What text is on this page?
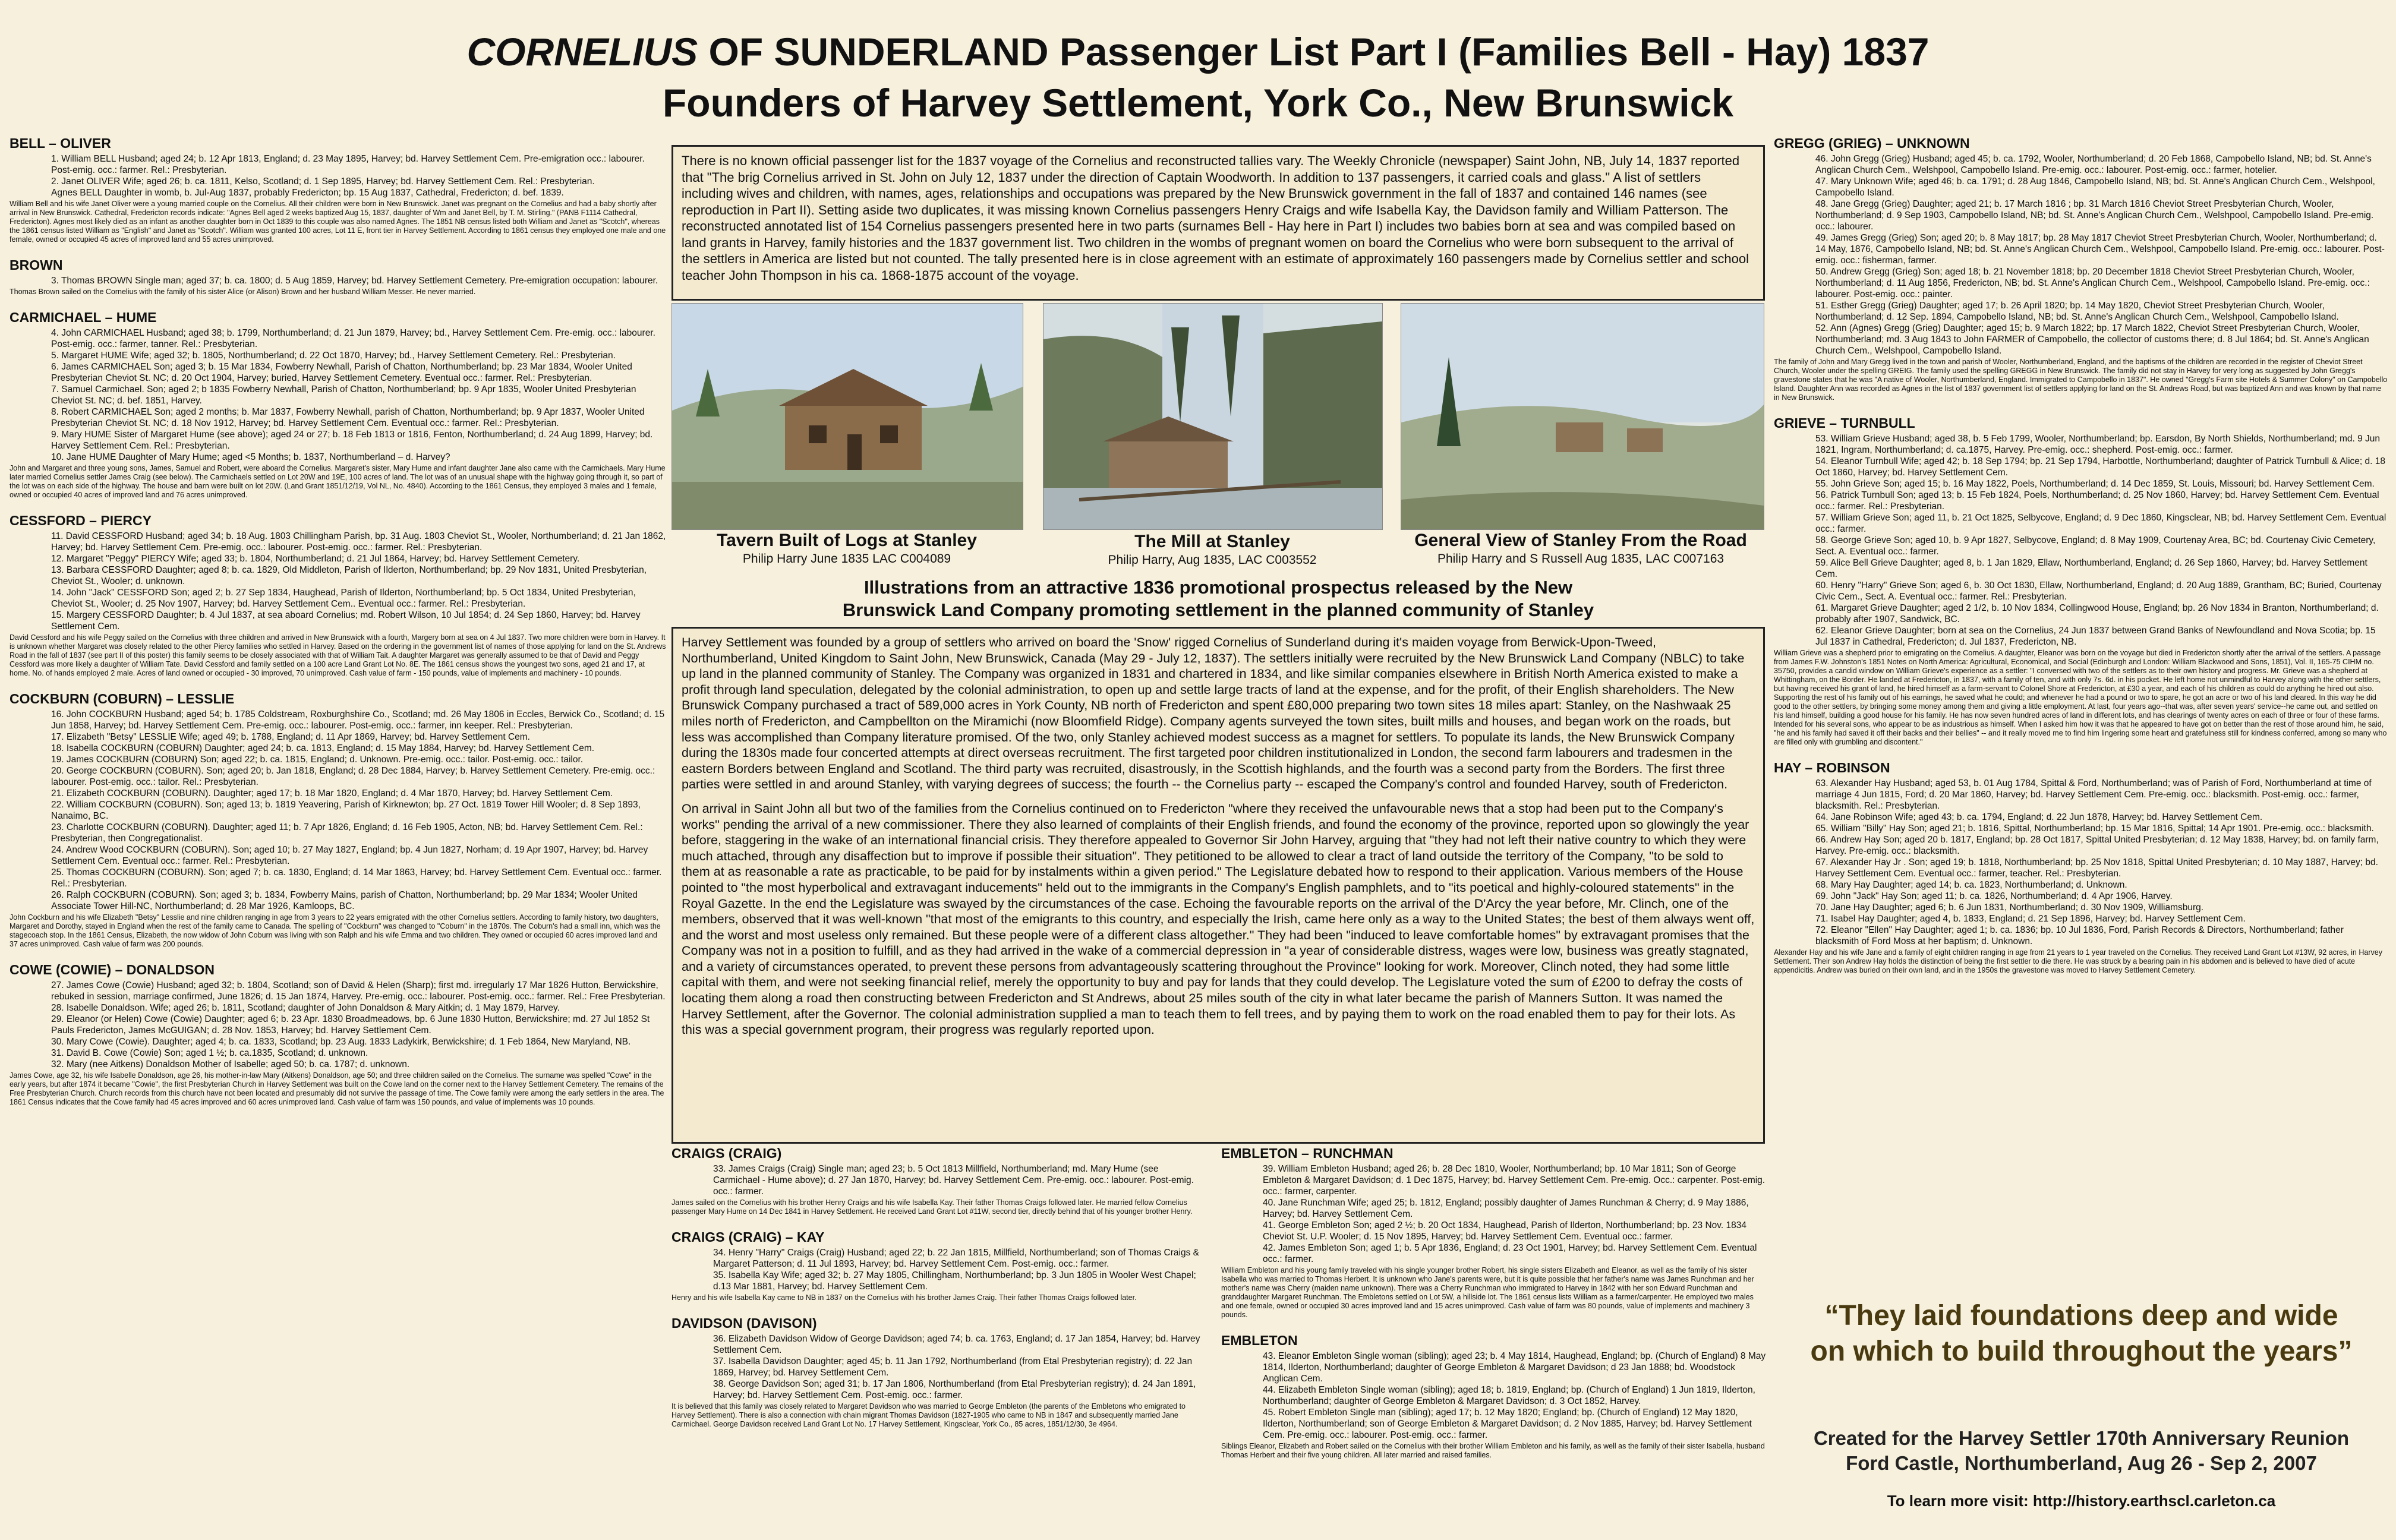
CORNELIUS OF SUNDERLAND Passenger List Part I (Families Bell - Hay) 1837
Founders of Harvey Settlement, York Co., New Brunswick
BELL – OLIVER
1. William BELL Husband; aged 24; b. 12 Apr 1813, England; d. 23 May 1895, Harvey; bd. Harvey Settlement Cem. Pre-emigration occ.: labourer. Post-emig. occ.: farmer. Rel.: Presbyterian.
2. Janet OLIVER Wife; aged 26; b. ca. 1811, Kelso, Scotland; d. 1 Sep 1895, Harvey; bd. Harvey Settlement Cem. Rel.: Presbyterian.
Agnes BELL Daughter in womb, b. Jul-Aug 1837, probably Fredericton; bp. 15 Aug 1837, Cathedral, Fredericton; d. bef. 1839.
William Bell and his wife Janet Oliver were a young married couple on the Cornelius. All their children were born in New Brunswick. Janet was pregnant on the Cornelius and had a baby shortly after arrival in New Brunswick. Cathedral, Fredericton records indicate: "Agnes Bell aged 2 weeks baptized Aug 15, 1837, daughter of Wm and Janet Bell, by T. M. Stirling." (PANB F1114 Cathedral, Fredericton). Agnes most likely died as an infant as another daughter born in Oct 1839 to this couple was also named Agnes. The 1851 NB census listed both William and Janet as "Scotch", whereas the 1861 census listed William as "English" and Janet as "Scotch". William was granted 100 acres, Lot 11 E, front tier in Harvey Settlement. According to 1861 census they employed one male and one female, owned or occupied 45 acres of improved land and 55 acres unimproved.
BROWN
3. Thomas BROWN Single man; aged 37; b. ca. 1800; d. 5 Aug 1859, Harvey; bd. Harvey Settlement Cemetery. Pre-emigration occupation: labourer.
Thomas Brown sailed on the Cornelius with the family of his sister Alice (or Alison) Brown and her husband William Messer. He never married.
CARMICHAEL – HUME
4. John CARMICHAEL Husband; aged 38; b. 1799, Northumberland; d. 21 Jun 1879, Harvey; bd., Harvey Settlement Cem. Pre-emig. occ.: labourer. Post-emig. occ.: farmer, tanner. Rel.: Presbyterian.
5. Margaret HUME Wife; aged 32; b. 1805, Northumberland; d. 22 Oct 1870, Harvey; bd., Harvey Settlement Cemetery. Rel.: Presbyterian.
6. James CARMICHAEL Son; aged 3; b. 15 Mar 1834, Fowberry Newhall, Parish of Chatton, Northumberland; bp. 23 Mar 1834, Wooler United Presbyterian Cheviot St. NC; d. 20 Oct 1904, Harvey; buried, Harvey Settlement Cemetery. Eventual occ.: farmer. Rel.: Presbyterian.
7. Samuel Carmichael. Son; aged 2; b 1835 Fowberry Newhall, Parish of Chatton, Northumberland; bp. 9 Apr 1835, Wooler United Presbyterian Cheviot St. NC; d. bef. 1851, Harvey.
8. Robert CARMICHAEL Son; aged 2 months; b. Mar 1837, Fowberry Newhall, parish of Chatton, Northumberland; bp. 9 Apr 1837, Wooler United Presbyterian Cheviot St. NC; d. 18 Nov 1912, Harvey; bd. Harvey Settlement Cem. Eventual occ.: farmer. Rel.: Presbyterian.
9. Mary HUME Sister of Margaret Hume (see above); aged 24 or 27; b. 18 Feb 1813 or 1816, Fenton, Northumberland; d. 24 Aug 1899, Harvey; bd. Harvey Settlement Cem. Rel.: Presbyterian.
10. Jane HUME Daughter of Mary Hume; aged <5 Months; b. 1837, Northumberland – d. Harvey?
John and Margaret and three young sons, James, Samuel and Robert, were aboard the Cornelius. Margaret's sister, Mary Hume and infant daughter Jane also came with the Carmichaels. Mary Hume later married Cornelius settler James Craig (see below). The Carmichaels settled on Lot 20W and 19E, 100 acres of land. The lot was of an unusual shape with the highway going through it, so part of the lot was on each side of the highway. The house and barn were built on lot 20W. (Land Grant 1851/12/19, Vol NL, No. 4840). According to the 1861 Census, they employed 3 males and 1 female, owned or occupied 40 acres of improved land and 76 acres unimproved.
CESSFORD – PIERCY
11. David CESSFORD Husband; aged 34; b. 18 Aug. 1803 Chillingham Parish, bp. 31 Aug. 1803 Cheviot St., Wooler, Northumberland; d. 21 Jan 1862, Harvey; bd. Harvey Settlement Cem. Pre-emig. occ.: labourer. Post-emig. occ.: farmer. Rel.: Presbyterian.
12. Margaret "Peggy" PIERCY Wife; aged 33; b. 1804, Northumberland; d. 21 Jul 1864, Harvey; bd. Harvey Settlement Cemetery.
13. Barbara CESSFORD Daughter; aged 8; b. ca. 1829, Old Middleton, Parish of Ilderton, Northumberland; bp. 29 Nov 1831, United Presbyterian, Cheviot St., Wooler; d. unknown.
14. John "Jack" CESSFORD Son; aged 2; b. 27 Sep 1834, Haughead, Parish of Ilderton, Northumberland; bp. 5 Oct 1834, United Presbyterian, Cheviot St., Wooler; d. 25 Nov 1907, Harvey; bd. Harvey Settlement Cem.. Eventual occ.: farmer. Rel.: Presbyterian.
15. Margery CESSFORD Daughter; b. 4 Jul 1837, at sea aboard Cornelius; md. Robert Wilson, 10 Jul 1854; d. 24 Sep 1860, Harvey; bd. Harvey Settlement Cem.
David Cessford and his wife Peggy sailed on the Cornelius with three children and arrived in New Brunswick with a fourth, Margery born at sea on 4 Jul 1837. Two more children were born in Harvey. It is unknown whether Margaret was closely related to the other Piercy families who settled in Harvey. Based on the ordering in the government list of names of those applying for land on the St. Andrews Road in the fall of 1837 (see part II of this poster) this family seems to be closely associated with that of William Tait. A daughter Margaret was generally assumed to be that of David and Peggy Cessford was more likely a daughter of William Tate. David Cessford and family settled on a 100 acre Land Grant Lot No. 8E. The 1861 census shows the youngest two sons, aged 21 and 17, at home. No. of hands employed 2 male. Acres of land owned or occupied - 30 improved, 70 unimproved. Cash value of farm - 150 pounds, value of implements and machinery - 10 pounds.
COCKBURN (COBURN) – LESSLIE
16. John COCKBURN Husband; aged 54; b. 1785 Coldstream, Roxburghshire Co., Scotland; md. 26 May 1806 in Eccles, Berwick Co., Scotland; d. 15 Jun 1858, Harvey; bd. Harvey Settlement Cem. Pre-emig. occ.: labourer. Post-emig. occ.: farmer, inn keeper. Rel.: Presbyterian.
17. Elizabeth "Betsy" LESSLIE Wife; aged 49; b. 1788, England; d. 11 Apr 1869, Harvey; bd. Harvey Settlement Cem.
18. Isabella COCKBURN (COBURN) Daughter; aged 24; b. ca. 1813, England; d. 15 May 1884, Harvey; bd. Harvey Settlement Cem.
19. James COCKBURN (COBURN) Son; aged 22; b. ca. 1815, England; d. Unknown. Pre-emig. occ.: tailor. Post-emig. occ.: tailor.
20. George COCKBURN (COBURN). Son; aged 20; b. Jan 1818, England; d. 28 Dec 1884, Harvey; b. Harvey Settlement Cemetery. Pre-emig. occ.: labourer. Post-emig. occ.: tailor. Rel.: Presbyterian.
21. Elizabeth COCKBURN (COBURN). Daughter; aged 17; b. 18 Mar 1820, England; d. 4 Mar 1870, Harvey; bd. Harvey Settlement Cem.
22. William COCKBURN (COBURN). Son; aged 13; b. 1819 Yeavering, Parish of Kirknewton; bp. 27 Oct. 1819 Tower Hill Wooler; d. 8 Sep 1893, Nanaimo, BC.
23. Charlotte COCKBURN (COBURN). Daughter; aged 11; b. 7 Apr 1826, England; d. 16 Feb 1905, Acton, NB; bd. Harvey Settlement Cem. Rel.: Presbyterian, then Congregationalist.
24. Andrew Wood COCKBURN (COBURN). Son; aged 10; b. 27 May 1827, England; bp. 4 Jun 1827, Norham; d. 19 Apr 1907, Harvey; bd. Harvey Settlement Cem. Eventual occ.: farmer. Rel.: Presbyterian.
25. Thomas COCKBURN (COBURN). Son; aged 7; b. ca. 1830, England; d. 14 Mar 1863, Harvey; bd. Harvey Settlement Cem. Eventual occ.: farmer. Rel.: Presbyterian.
26. Ralph COCKBURN (COBURN). Son; aged 3; b. 1834, Fowberry Mains, parish of Chatton, Northumberland; bp. 29 Mar 1834; Wooler United Associate Tower Hill-NC, Northumberland; d. 28 Mar 1926, Kamloops, BC.
John Cockburn and his wife Elizabeth "Betsy" Lesslie and nine children ranging in age from 3 years to 22 years emigrated with the other Cornelius settlers. According to family history, two daughters, Margaret and Dorothy, stayed in England when the rest of the family came to Canada. The spelling of "Cockburn" was changed to "Coburn" in the 1870s. The Coburn's had a small inn, which was the stagecoach stop. In the 1861 Census, Elizabeth, the now widow of John Coburn was living with son Ralph and his wife Emma and two children. They owned or occupied 60 acres improved land and 37 acres unimproved. Cash value of farm was 200 pounds.
COWE (COWIE) – DONALDSON
27. James Cowe (Cowie) Husband; aged 32; b. 1804, Scotland; son of David & Helen (Sharp); first md. irregularly 17 Mar 1826 Hutton, Berwickshire, rebuked in session, marriage confirmed, June 1826; d. 15 Jan 1874, Harvey. Pre-emig. occ.: labourer. Post-emig. occ.: farmer. Rel.: Free Presbyterian.
28. Isabelle Donaldson. Wife; aged 26; b. 1811, Scotland; daughter of John Donaldson & Mary Aitkin; d. 1 May 1879, Harvey.
29. Eleanor (or Helen) Cowe (Cowie) Daughter; aged 6; b. 23 Apr. 1830 Broadmeadows, bp. 6 June 1830 Hutton, Berwickshire; md. 27 Jul 1852 St Pauls Fredericton, James McGUIGAN; d. 28 Nov. 1853, Harvey; bd. Harvey Settlement Cem.
30. Mary Cowe (Cowie). Daughter; aged 4; b. ca. 1833, Scotland; bp. 23 Aug. 1833 Ladykirk, Berwickshire; d. 1 Feb 1864, New Maryland, NB.
31. David B. Cowe (Cowie) Son; aged 1 ½; b. ca.1835, Scotland; d. unknown.
32. Mary (nee Aitkens) Donaldson Mother of Isabelle; aged 50; b. ca. 1787; d. unknown.
James Cowe, age 32, his wife Isabelle Donaldson, age 26, his mother-in-law Mary (Aitkens) Donaldson, age 50; and three children sailed on the Cornelius. The surname was spelled "Cowe" in the early years, but after 1874 it became "Cowie", the first Presbyterian Church in Harvey Settlement was built on the Cowe land on the corner next to the Harvey Settlement Cemetery. The remains of the Free Presbyterian Church. Church records from this church have not been located and presumably did not survive the passage of time. The Cowe family were among the early settlers in the area. The 1861 Census indicates that the Cowe family had 45 acres improved and 60 acres unimproved land. Cash value of farm was 150 pounds, and value of implements was 10 pounds.
There is no known official passenger list for the 1837 voyage of the Cornelius and reconstructed tallies vary. The Weekly Chronicle (newspaper) Saint John, NB, July 14, 1837 reported that "The brig Cornelius arrived in St. John on July 12, 1837 under the direction of Captain Woodworth. In addition to 137 passengers, it carried coals and glass." A list of settlers including wives and children, with names, ages, relationships and occupations was prepared by the New Brunswick government in the fall of 1837 and contained 146 names (see reproduction in Part II). Setting aside two duplicates, it was missing known Cornelius passengers Henry Craigs and wife Isabella Kay, the Davidson family and William Patterson. The reconstructed annotated list of 154 Cornelius passengers presented here in two parts (surnames Bell - Hay here in Part I) includes two babies born at sea and was compiled based on land grants in Harvey, family histories and the 1837 government list. Two children in the wombs of pregnant women on board the Cornelius who were born subsequent to the arrival of the settlers in America are listed but not counted. The tally presented here is in close agreement with an estimate of approximately 160 passengers made by Cornelius settler and school teacher John Thompson in his ca. 1868-1875 account of the voyage.
Tavern Built of Logs at Stanley
Philip Harry June 1835 LAC C004089
The Mill at Stanley
Philip Harry, Aug 1835, LAC C003552
General View of Stanley From the Road
Philip Harry and S Russell Aug 1835, LAC C007163
Illustrations from an attractive 1836 promotional prospectus released by the New
Brunswick Land Company promoting settlement in the planned community of Stanley

Harvey Settlement was founded by a group of settlers who arrived on board the 'Snow' rigged Cornelius of Sunderland during it's maiden voyage from Berwick-Upon-Tweed, Northumberland, United Kingdom to Saint John, New Brunswick, Canada (May 29 - July 12, 1837). The settlers initially were recruited by the New Brunswick Land Company (NBLC) to take up land in the planned community of Stanley. The Company was organized in 1831 and chartered in 1834, and like similar companies elsewhere in British North America existed to make a profit through land speculation, delegated by the colonial administration, to open up and settle large tracts of land at the expense, and for the profit, of their English shareholders. The New Brunswick Company purchased a tract of 589,000 acres in York County, NB north of Fredericton and spent £80,000 preparing two town sites 18 miles apart: Stanley, on the Nashwaak 25 miles north of Fredericton, and Campbellton on the Miramichi (now Bloomfield Ridge). Company agents surveyed the town sites, built mills and houses, and began work on the roads, but less was accomplished than Company literature promised. Of the two, only Stanley achieved modest success as a magnet for settlers. To populate its lands, the New Brunswick Company during the 1830s made four concerted attempts at direct overseas recruitment. The first targeted poor children institutionalized in London, the second farm labourers and tradesmen in the eastern Borders between England and Scotland. The third party was recruited, disastrously, in the Scottish highlands, and the fourth was a second party from the Borders. The first three parties were settled in and around Stanley, with varying degrees of success; the fourth -- the Cornelius party -- escaped the Company's control and founded Harvey, south of Fredericton.

On arrival in Saint John all but two of the families from the Cornelius continued on to Fredericton "where they received the unfavourable news that a stop had been put to the Company's works" pending the arrival of a new commissioner. There they also learned of complaints of their English friends, and found the economy of the province, reported upon so glowingly the year before, staggering in the wake of an international financial crisis. They therefore appealed to Governor Sir John Harvey, arguing that "they had not left their native country to which they were much attached, through any disaffection but to improve if possible their situation". They petitioned to be allowed to clear a tract of land outside the territory of the Company, "to be sold to them at as reasonable a rate as practicable, to be paid for by instalments within a given period." The Legislature debated how to respond to their application. Various members of the House pointed to "the most hyperbolical and extravagant inducements" held out to the immigrants in the Company's English pamphlets, and to "its poetical and highly-coloured statements" in the Royal Gazette. In the end the Legislature was swayed by the circumstances of the case. Echoing the favourable reports on the arrival of the D'Arcy the year before, Mr. Clinch, one of the members, observed that it was well-known "that most of the emigrants to this country, and especially the Irish, came here only as a way to the United States; the best of them always went off, and the worst and most useless only remained. But these people were of a different class altogether." They had been "induced to leave comfortable homes" by extravagant promises that the Company was not in a position to fulfill, and as they had arrived in the wake of a commercial depression in "a year of considerable distress, wages were low, business was greatly stagnated, and a variety of circumstances operated, to prevent these persons from advantageously scattering throughout the Province" looking for work. Moreover, Clinch noted, they had some little capital with them, and were not seeking financial relief, merely the opportunity to buy and pay for lands that they could develop. The Legislature voted the sum of £200 to defray the costs of locating them along a road then constructing between Fredericton and St Andrews, about 25 miles south of the city in what later became the parish of Manners Sutton. It was named the Harvey Settlement, after the Governor. The colonial administration supplied a man to teach them to fell trees, and by paying them to work on the road enabled them to pay for their lots. As this was a special government program, their progress was regularly reported upon.

CRAIGS (CRAIG)
33. James Craigs (Craig) Single man; aged 23; b. 5 Oct 1813 Millfield, Northumberland; md. Mary Hume (see Carmichael - Hume above); d. 27 Jan 1870, Harvey; bd. Harvey Settlement Cem. Pre-emig. occ.: labourer. Post-emig. occ.: farmer.
James sailed on the Cornelius with his brother Henry Craigs and his wife Isabella Kay. Their father Thomas Craigs followed later. He married fellow Cornelius passenger Mary Hume on 14 Dec 1841 in Harvey Settlement. He received Land Grant Lot #11W, second tier, directly behind that of his younger brother Henry.
CRAIGS (CRAIG) – KAY
34. Henry "Harry" Craigs (Craig) Husband; aged 22; b. 22 Jan 1815, Millfield, Northumberland; son of Thomas Craigs & Margaret Patterson; d. 11 Jul 1893, Harvey; bd. Harvey Settlement Cem. Post-emig. occ.: farmer.
35. Isabella Kay Wife; aged 32; b. 27 May 1805, Chillingham, Northumberland; bp. 3 Jun 1805 in Wooler West Chapel; d.13 Mar 1881, Harvey; bd. Harvey Settlement Cem.
Henry and his wife Isabella Kay came to NB in 1837 on the Cornelius with his brother James Craig. Their father Thomas Craigs followed later.
DAVIDSON (DAVISON)
36. Elizabeth Davidson Widow of George Davidson; aged 74; b. ca. 1763, England; d. 17 Jan 1854, Harvey; bd. Harvey Settlement Cem.
37. Isabella Davidson Daughter; aged 45; b. 11 Jan 1792, Northumberland (from Etal Presbyterian registry); d. 22 Jan 1869, Harvey; bd. Harvey Settlement Cem.
38. George Davidson Son; aged 31; b. 17 Jan 1806, Northumberland (from Etal Presbyterian registry); d. 24 Jan 1891, Harvey; bd. Harvey Settlement Cem. Post-emig. occ.: farmer.
It is believed that this family was closely related to Margaret Davidson who was married to George Embleton (the parents of the Embletons who emigrated to Harvey Settlement). There is also a connection with chain migrant Thomas Davidson (1827-1905 who came to NB in 1847 and subsequently married Jane Carmichael. George Davidson received Land Grant Lot No. 17 Harvey Settlement, Kingsclear, York Co., 85 acres, 1851/12/30, 3e 4964.
EMBLETON – RUNCHMAN
39. William Embleton Husband; aged 26; b. 28 Dec 1810, Wooler, Northumberland; bp. 10 Mar 1811; Son of George Embleton & Margaret Davidson; d. 1 Dec 1875, Harvey; bd. Harvey Settlement Cem. Pre-emig. Occ.: carpenter. Post-emig. occ.: farmer, carpenter.
40. Jane Runchman Wife; aged 25; b. 1812, England; possibly daughter of James Runchman & Cherry; d. 9 May 1886, Harvey; bd. Harvey Settlement Cem.
41. George Embleton Son; aged 2 ½; b. 20 Oct 1834, Haughead, Parish of Ilderton, Northumberland; bp. 23 Nov. 1834 Cheviot St. U.P. Wooler; d. 15 Nov 1895, Harvey; bd. Harvey Settlement Cem. Eventual occ.: farmer.
42. James Embleton Son; aged 1; b. 5 Apr 1836, England; d. 23 Oct 1901, Harvey; bd. Harvey Settlement Cem. Eventual occ.: farmer.
William Embleton and his young family traveled with his single younger brother Robert, his single sisters Elizabeth and Eleanor, as well as the family of his sister Isabella who was married to Thomas Herbert. It is unknown who Jane's parents were, but it is quite possible that her father's name was James Runchman and her mother's name was Cherry (maiden name unknown). There was a Cherry Runchman who immigrated to Harvey in 1842 with her son Edward Runchman and granddaughter Margaret Runchman. The Embletons settled on Lot 5W, a hillside lot. The 1861 census lists William as a farmer/carpenter. He employed two males and one female, owned or occupied 30 acres improved land and 15 acres unimproved. Cash value of farm was 80 pounds, value of implements and machinery 3 pounds.
EMBLETON
43. Eleanor Embleton Single woman (sibling); aged 23; b. 4 May 1814, Haughead, England; bp. (Church of England) 8 May 1814, Ilderton, Northumberland; daughter of George Embleton & Margaret Davidson; d 23 Jan 1888; bd. Woodstock Anglican Cem.
44. Elizabeth Embleton Single woman (sibling); aged 18; b. 1819, England; bp. (Church of England) 1 Jun 1819, Ilderton, Northumberland; daughter of George Embleton & Margaret Davidson; d. 3 Oct 1852, Harvey.
45. Robert Embleton Single man (sibling); aged 17; b. 12 May 1820; England; bp. (Church of England) 12 May 1820, Ilderton, Northumberland; son of George Embleton & Margaret Davidson; d. 2 Nov 1885, Harvey; bd. Harvey Settlement Cem. Pre-emig. occ.: labourer. Post-emig. occ.: farmer.
Siblings Eleanor, Elizabeth and Robert sailed on the Cornelius with their brother William Embleton and his family, as well as the family of their sister Isabella, husband Thomas Herbert and their five young children. All later married and raised families.
GREGG (GRIEG) – UNKNOWN
46. John Gregg (Grieg) Husband; aged 45; b. ca. 1792, Wooler, Northumberland; d. 20 Feb 1868, Campobello Island, NB; bd. St. Anne's Anglican Church Cem., Welshpool, Campobello Island. Pre-emig. occ.: labourer. Post-emig. occ.: farmer, hotelier.
47. Mary Unknown Wife; aged 46; b. ca. 1791; d. 28 Aug 1846, Campobello Island, NB; bd. St. Anne's Anglican Church Cem., Welshpool, Campobello Island.
48. Jane Gregg (Grieg) Daughter; aged 21; b. 17 March 1816 ; bp. 31 March 1816 Cheviot Street Presbyterian Church, Wooler, Northumberland; d. 9 Sep 1903, Campobello Island, NB; bd. St. Anne's Anglican Church Cem., Welshpool, Campobello Island. Pre-emig. occ.: labourer.
49. James Gregg (Grieg) Son; aged 20; b. 8 May 1817; bp. 28 May 1817 Cheviot Street Presbyterian Church, Wooler, Northumberland; d. 14 May, 1876, Campobello Island, NB; bd. St. Anne's Anglican Church Cem., Welshpool, Campobello Island. Pre-emig. occ.: labourer. Post-emig. occ.: fisherman, farmer.
50. Andrew Gregg (Grieg) Son; aged 18; b. 21 November 1818; bp. 20 December 1818 Cheviot Street Presbyterian Church, Wooler, Northumberland; d. 11 Aug 1856, Fredericton, NB; bd. St. Anne's Anglican Church Cem., Welshpool, Campobello Island. Pre-emig. occ.: labourer. Post-emig. occ.: painter.
51. Esther Gregg (Grieg) Daughter; aged 17; b. 26 April 1820; bp. 14 May 1820, Cheviot Street Presbyterian Church, Wooler, Northumberland; d. 12 Sep. 1894, Campobello Island, NB; bd. St. Anne's Anglican Church Cem., Welshpool, Campobello Island.
52. Ann (Agnes) Gregg (Grieg) Daughter; aged 15; b. 9 March 1822; bp. 17 March 1822, Cheviot Street Presbyterian Church, Wooler, Northumberland; md. 3 Aug 1843 to John FARMER of Campobello, the collector of customs there; d. 8 Jul 1864; bd. St. Anne's Anglican Church Cem., Welshpool, Campobello Island.
The family of John and Mary Gregg lived in the town and parish of Wooler, Northumberland, England, and the baptisms of the children are recorded in the register of Cheviot Street Church, Wooler under the spelling GREIG. The family used the spelling GREGG in New Brunswick. The family did not stay in Harvey for very long as suggested by John Gregg's gravestone states that he was "A native of Wooler, Northumberland, England. Immigrated to Campobello in 1837". He owned "Gregg's Farm site Hotels & Summer Colony" on Campobello Island. Daughter Ann was recorded as Agnes in the list of 1837 government list of settlers applying for land on the St. Andrews Road, but was baptized Ann and was known by that name in New Brunswick.
GRIEVE – TURNBULL
53. William Grieve Husband; aged 38, b. 5 Feb 1799, Wooler, Northumberland; bp. Earsdon, By North Shields, Northumberland; md. 9 Jun 1821, Ingram, Northumberland; d. ca.1875, Harvey. Pre-emig. occ.: shepherd. Post-emig. occ.: farmer.
54. Eleanor Turnbull Wife; aged 42; b. 18 Sep 1794; bp. 21 Sep 1794, Harbottle, Northumberland; daughter of Patrick Turnbull & Alice; d. 18 Oct 1860, Harvey; bd. Harvey Settlement Cem.
55. John Grieve Son; aged 15; b. 16 May 1822, Poels, Northumberland; d. 14 Dec 1859, St. Louis, Missouri; bd. Harvey Settlement Cem.
56. Patrick Turnbull Son; aged 13; b. 15 Feb 1824, Poels, Northumberland; d. 25 Nov 1860, Harvey; bd. Harvey Settlement Cem. Eventual occ.: farmer. Rel.: Presbyterian.
57. William Grieve Son; aged 11, b. 21 Oct 1825, Selbycove, England; d. 9 Dec 1860, Kingsclear, NB; bd. Harvey Settlement Cem. Eventual occ.: farmer.
58. George Grieve Son; aged 10, b. 9 Apr 1827, Selbycove, England; d. 8 May 1909, Courtenay Area, BC; bd. Courtenay Civic Cemetery, Sect. A. Eventual occ.: farmer.
59. Alice Bell Grieve Daughter; aged 8, b. 1 Jan 1829, Ellaw, Northumberland, England; d. 26 Sep 1860, Harvey; bd. Harvey Settlement Cem.
60. Henry "Harry" Grieve Son; aged 6, b. 30 Oct 1830, Ellaw, Northumberland, England; d. 20 Aug 1889, Grantham, BC; Buried, Courtenay Civic Cem., Sect. A. Eventual occ.: farmer. Rel.: Presbyterian.
61. Margaret Grieve Daughter; aged 2 1/2, b. 10 Nov 1834, Collingwood House, England; bp. 26 Nov 1834 in Branton, Northumberland; d. probably after 1907, Sandwick, BC.
62. Eleanor Grieve Daughter; born at sea on the Cornelius, 24 Jun 1837 between Grand Banks of Newfoundland and Nova Scotia; bp. 15 Jul 1837 in Cathedral, Fredericton; d. Jul 1837, Fredericton, NB.
William Grieve was a shepherd prior to emigrating on the Cornelius. A daughter, Eleanor was born on the voyage but died in Fredericton shortly after the arrival of the settlers. A passage from James F.W. Johnston's 1851 Notes on North America: Agricultural, Economical, and Social (Edinburgh and London: William Blackwood and Sons, 1851), Vol. II, 165-75 CIHM no. 35750, provides a candid window on William Grieve's experience as a settler: "I conversed with two of the settlers as to their own history and progress. Mr. Grieve was a shepherd at Whittingham, on the Border. He landed at Fredericton, in 1837, with a family of ten, and with only 7s. 6d. in his pocket. He left home not unmindful to Harvey along with the other settlers, but having received his grant of land, he hired himself as a farm-servant to Colonel Shore at Fredericton, at £30 a year, and each of his children as could do anything he hired out also. Supporting the rest of his family out of his earnings, he saved what he could; and whenever he had a pound or two to spare, he got an acre or two of his land cleared. In this way he did good to the other settlers, by bringing some money among them and giving a little employment. At last, four years ago--that was, after seven years' service--he came out, and settled on his land himself, building a good house for his family. He has now seven hundred acres of land in different lots, and has clearings of twenty acres on each of three or four of these farms. Intended for his several sons, who appear to be as industrious as himself. When I asked him how it was that he appeared to have got on better than the rest of those around him, he said, "he and his family had saved it off their backs and their bellies" -- and it really moved me to find him lingering some heart and gratefulness still for kindness conferred, among so many who are filled only with grumbling and discontent."
HAY – ROBINSON
63. Alexander Hay Husband; aged 53, b. 01 Aug 1784, Spittal & Ford, Northumberland; was of Parish of Ford, Northumberland at time of marriage 4 Jun 1815, Ford; d. 20 Mar 1860, Harvey; bd. Harvey Settlement Cem. Pre-emig. occ.: blacksmith. Post-emig. occ.: farmer, blacksmith. Rel.: Presbyterian.
64. Jane Robinson Wife; aged 43; b. ca. 1794, England; d. 22 Jun 1878, Harvey; bd. Harvey Settlement Cem.
65. William "Billy" Hay Son; aged 21; b. 1816, Spittal, Northumberland; bp. 15 Mar 1816, Spittal; 14 Apr 1901. Pre-emig. occ.: blacksmith.
66. Andrew Hay Son; aged 20 b. 1817, England; bp. 28 Oct 1817, Spittal United Presbyterian; d. 12 May 1838, Harvey; bd. on family farm, Harvey. Pre-emig. occ.: blacksmith.
67. Alexander Hay Jr . Son; aged 19; b. 1818, Northumberland; bp. 25 Nov 1818, Spittal United Presbyterian; d. 10 May 1887, Harvey; bd. Harvey Settlement Cem. Eventual occ.: farmer, teacher. Rel.: Presbyterian.
68. Mary Hay Daughter; aged 14; b. ca. 1823, Northumberland; d. Unknown.
69. John "Jack" Hay Son; aged 11; b. ca. 1826, Northumberland; d. 4 Apr 1906, Harvey.
70. Jane Hay Daughter; aged 6; b. 6 Jun 1831, Northumberland; d. 30 Nov 1909, Williamsburg.
71. Isabel Hay Daughter; aged 4, b. 1833, England; d. 21 Sep 1896, Harvey; bd. Harvey Settlement Cem.
72. Eleanor "Ellen" Hay Daughter; aged 1; b. ca. 1836; bp. 10 Jul 1836, Ford, Parish Records & Directors, Northumberland; father blacksmith of Ford Moss at her baptism; d. Unknown.
Alexander Hay and his wife Jane and a family of eight children ranging in age from 21 years to 1 year traveled on the Cornelius. They received Land Grant Lot #13W, 92 acres, in Harvey Settlement. Their son Andrew Hay holds the distinction of being the first settler to die there. He was struck by a bearing pain in his abdomen and is believed to have died of acute appendicitis. Andrew was buried on their own land, and in the 1950s the gravestone was moved to Harvey Settlement Cemetery.
“They laid foundations deep and wide
on which to build throughout the years”
Created for the Harvey Settler 170th Anniversary Reunion
Ford Castle, Northumberland, Aug 26 - Sep 2, 2007
To learn more visit: http://history.earthscl.carleton.ca
